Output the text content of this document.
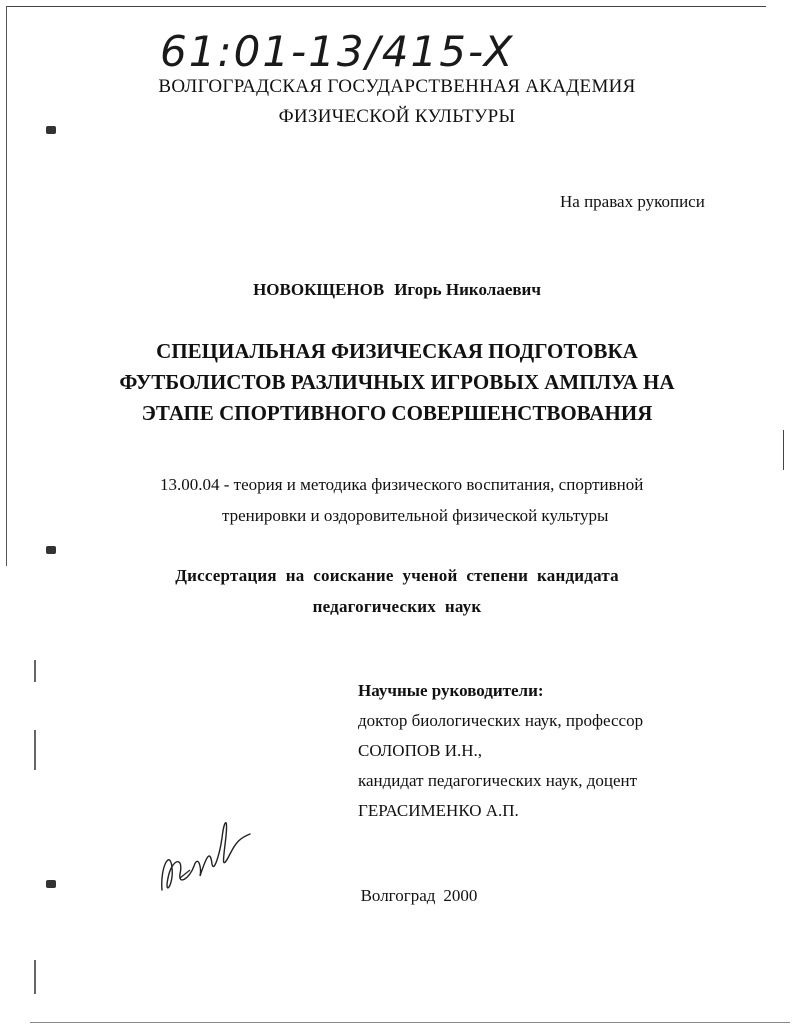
61:01-13/415-X
ВОЛГОГРАДСКАЯ ГОСУДАРСТВЕННАЯ АКАДЕМИЯ
ФИЗИЧЕСКОЙ КУЛЬТУРЫ
На правах рукописи
НОВОКЩЕНОВ Игорь Николаевич
СПЕЦИАЛЬНАЯ ФИЗИЧЕСКАЯ ПОДГОТОВКА
ФУТБОЛИСТОВ РАЗЛИЧНЫХ ИГРОВЫХ АМПЛУА НА
ЭТАПЕ СПОРТИВНОГО СОВЕРШЕНСТВОВАНИЯ
13.00.04 - теория и методика физического воспитания, спортивной
тренировки и оздоровительной физической культуры
Диссертация  на  соискание  ученой  степени  кандидата
педагогических  наук
Научные руководители:
доктор биологических наук, профессор
СОЛОПОВ И.Н.,
кандидат педагогических наук, доцент
ГЕРАСИМЕНКО А.П.
Волгоград 2000
